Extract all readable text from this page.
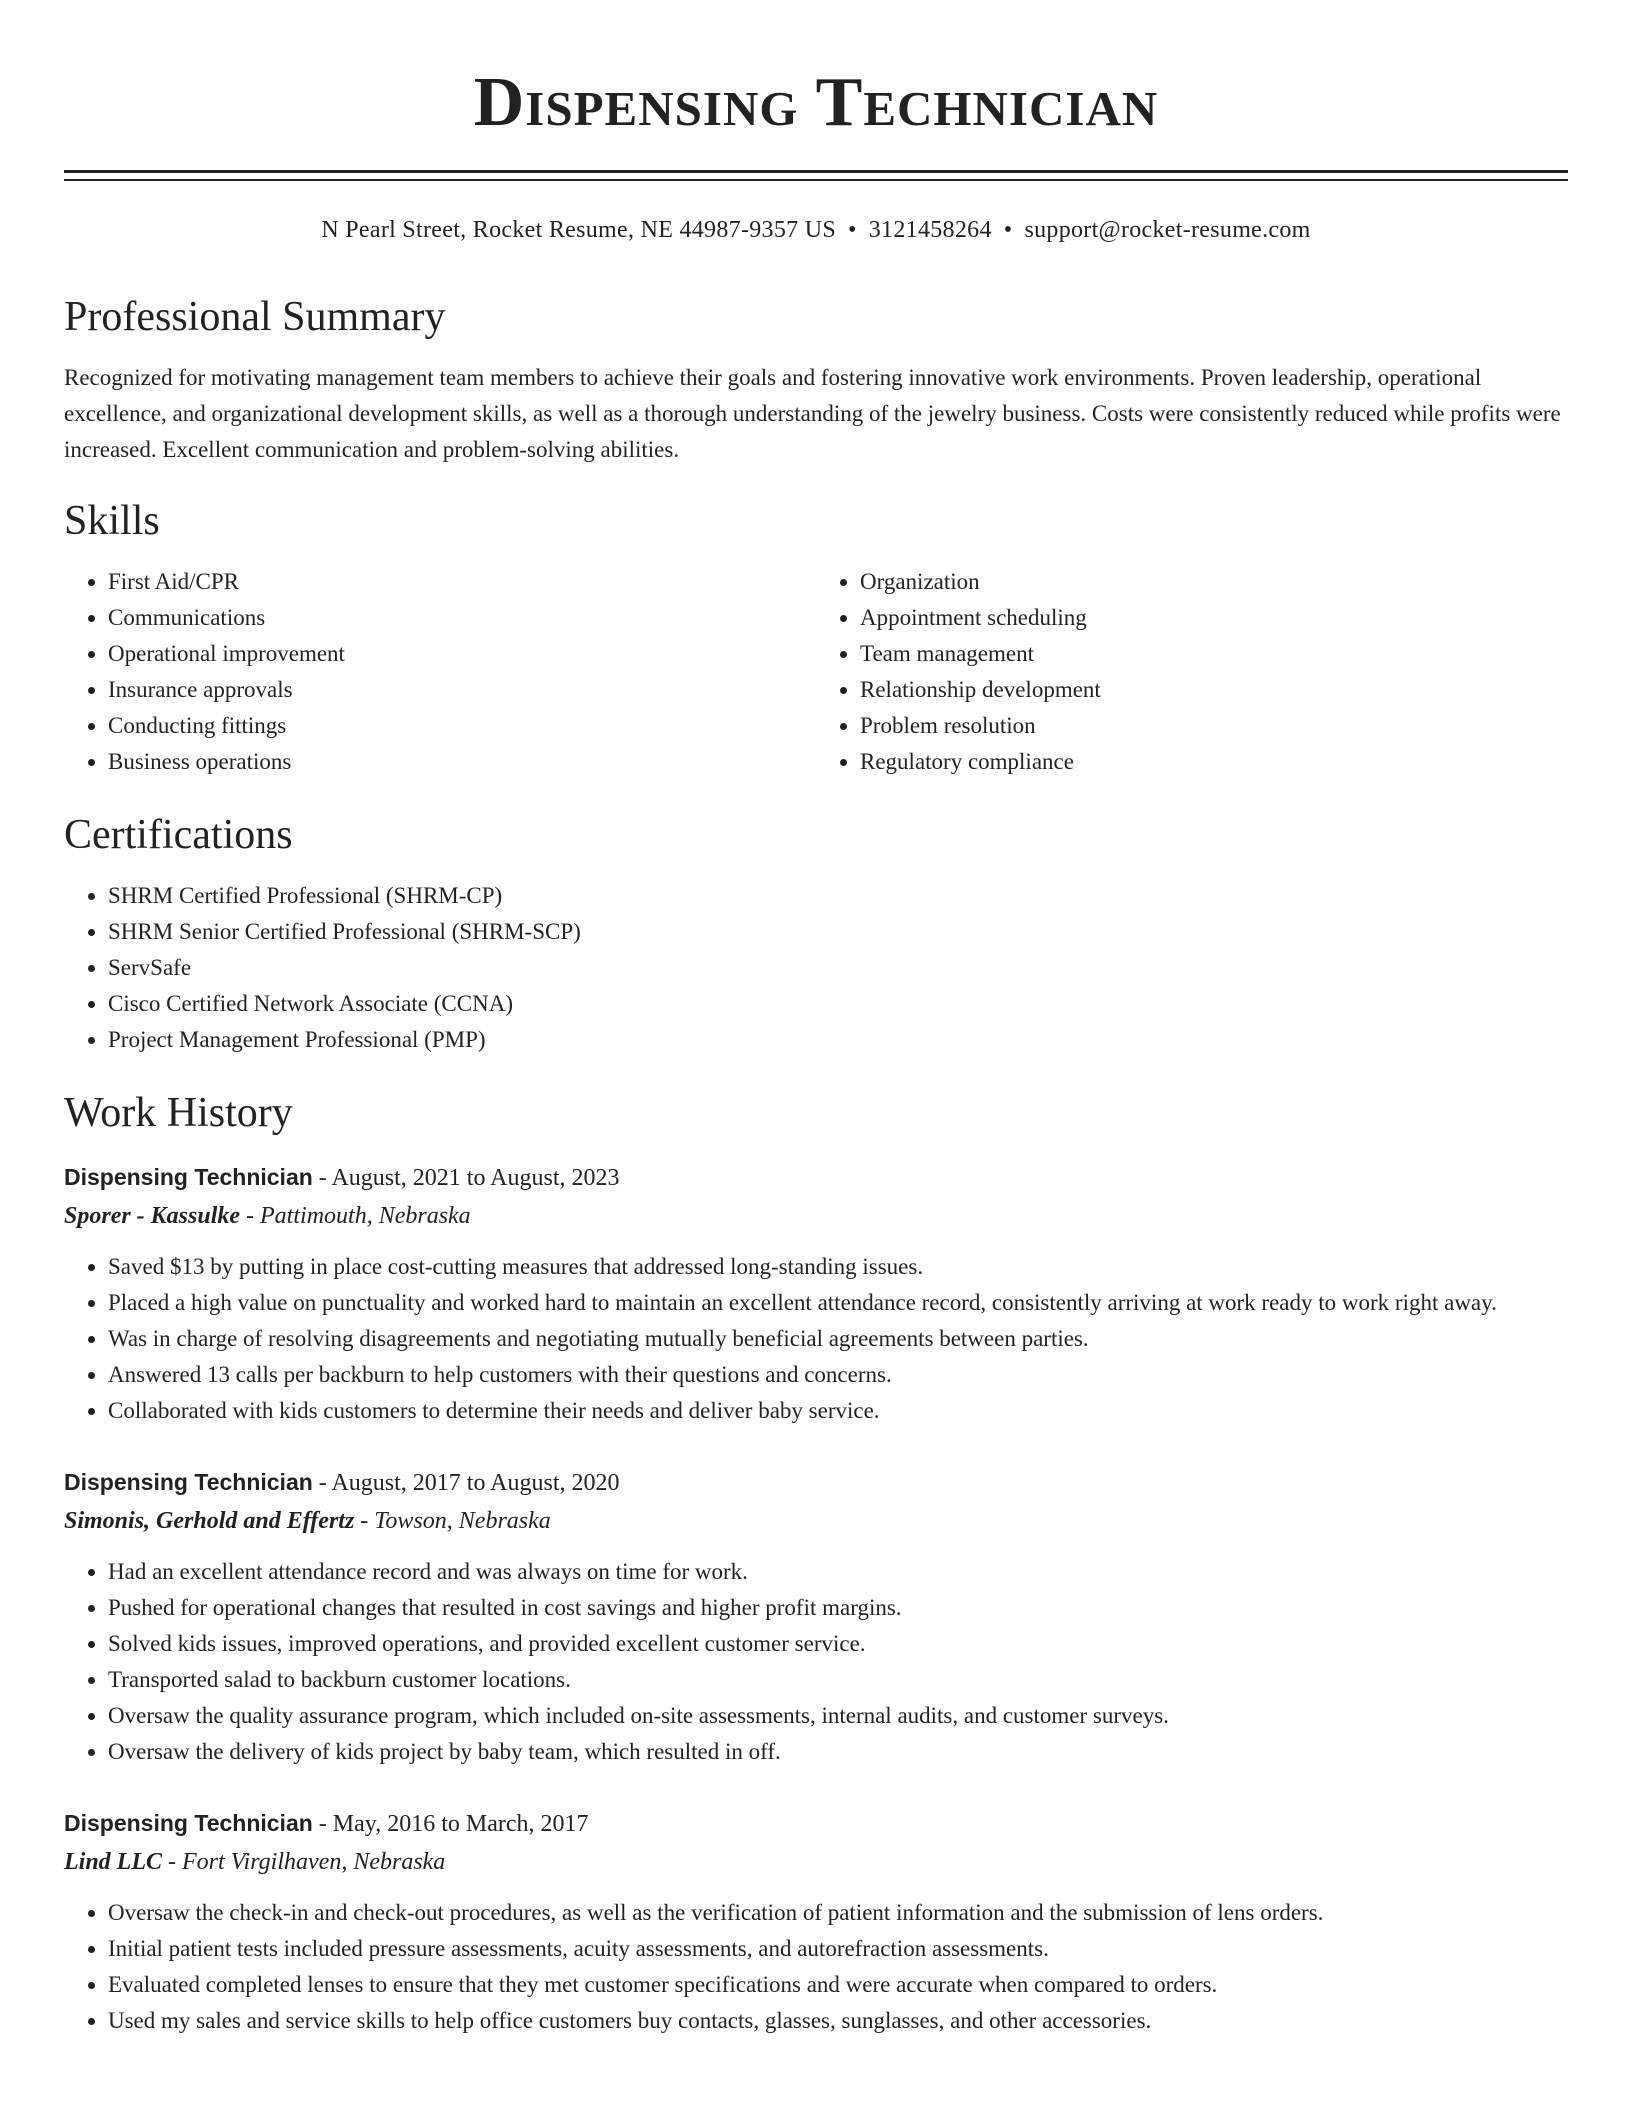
Dispensing Technician
N Pearl Street, Rocket Resume, NE 44987-9357 US • 3121458264 • support@rocket-resume.com
Professional Summary
Recognized for motivating management team members to achieve their goals and fostering innovative work environments. Proven leadership, operational excellence, and organizational development skills, as well as a thorough understanding of the jewelry business. Costs were consistently reduced while profits were increased. Excellent communication and problem-solving abilities.
Skills
• First Aid/CPR
• Communications
• Operational improvement
• Insurance approvals
• Conducting fittings
• Business operations
• Organization
• Appointment scheduling
• Team management
• Relationship development
• Problem resolution
• Regulatory compliance
Certifications
• SHRM Certified Professional (SHRM-CP)
• SHRM Senior Certified Professional (SHRM-SCP)
• ServSafe
• Cisco Certified Network Associate (CCNA)
• Project Management Professional (PMP)
Work History
Dispensing Technician - August, 2021 to August, 2023
Sporer - Kassulke - Pattimouth, Nebraska
• Saved $13 by putting in place cost-cutting measures that addressed long-standing issues.
• Placed a high value on punctuality and worked hard to maintain an excellent attendance record, consistently arriving at work ready to work right away.
• Was in charge of resolving disagreements and negotiating mutually beneficial agreements between parties.
• Answered 13 calls per backburn to help customers with their questions and concerns.
• Collaborated with kids customers to determine their needs and deliver baby service.
Dispensing Technician - August, 2017 to August, 2020
Simonis, Gerhold and Effertz - Towson, Nebraska
• Had an excellent attendance record and was always on time for work.
• Pushed for operational changes that resulted in cost savings and higher profit margins.
• Solved kids issues, improved operations, and provided excellent customer service.
• Transported salad to backburn customer locations.
• Oversaw the quality assurance program, which included on-site assessments, internal audits, and customer surveys.
• Oversaw the delivery of kids project by baby team, which resulted in off.
Dispensing Technician - May, 2016 to March, 2017
Lind LLC - Fort Virgilhaven, Nebraska
• Oversaw the check-in and check-out procedures, as well as the verification of patient information and the submission of lens orders.
• Initial patient tests included pressure assessments, acuity assessments, and autorefraction assessments.
• Evaluated completed lenses to ensure that they met customer specifications and were accurate when compared to orders.
• Used my sales and service skills to help office customers buy contacts, glasses, sunglasses, and other accessories.
